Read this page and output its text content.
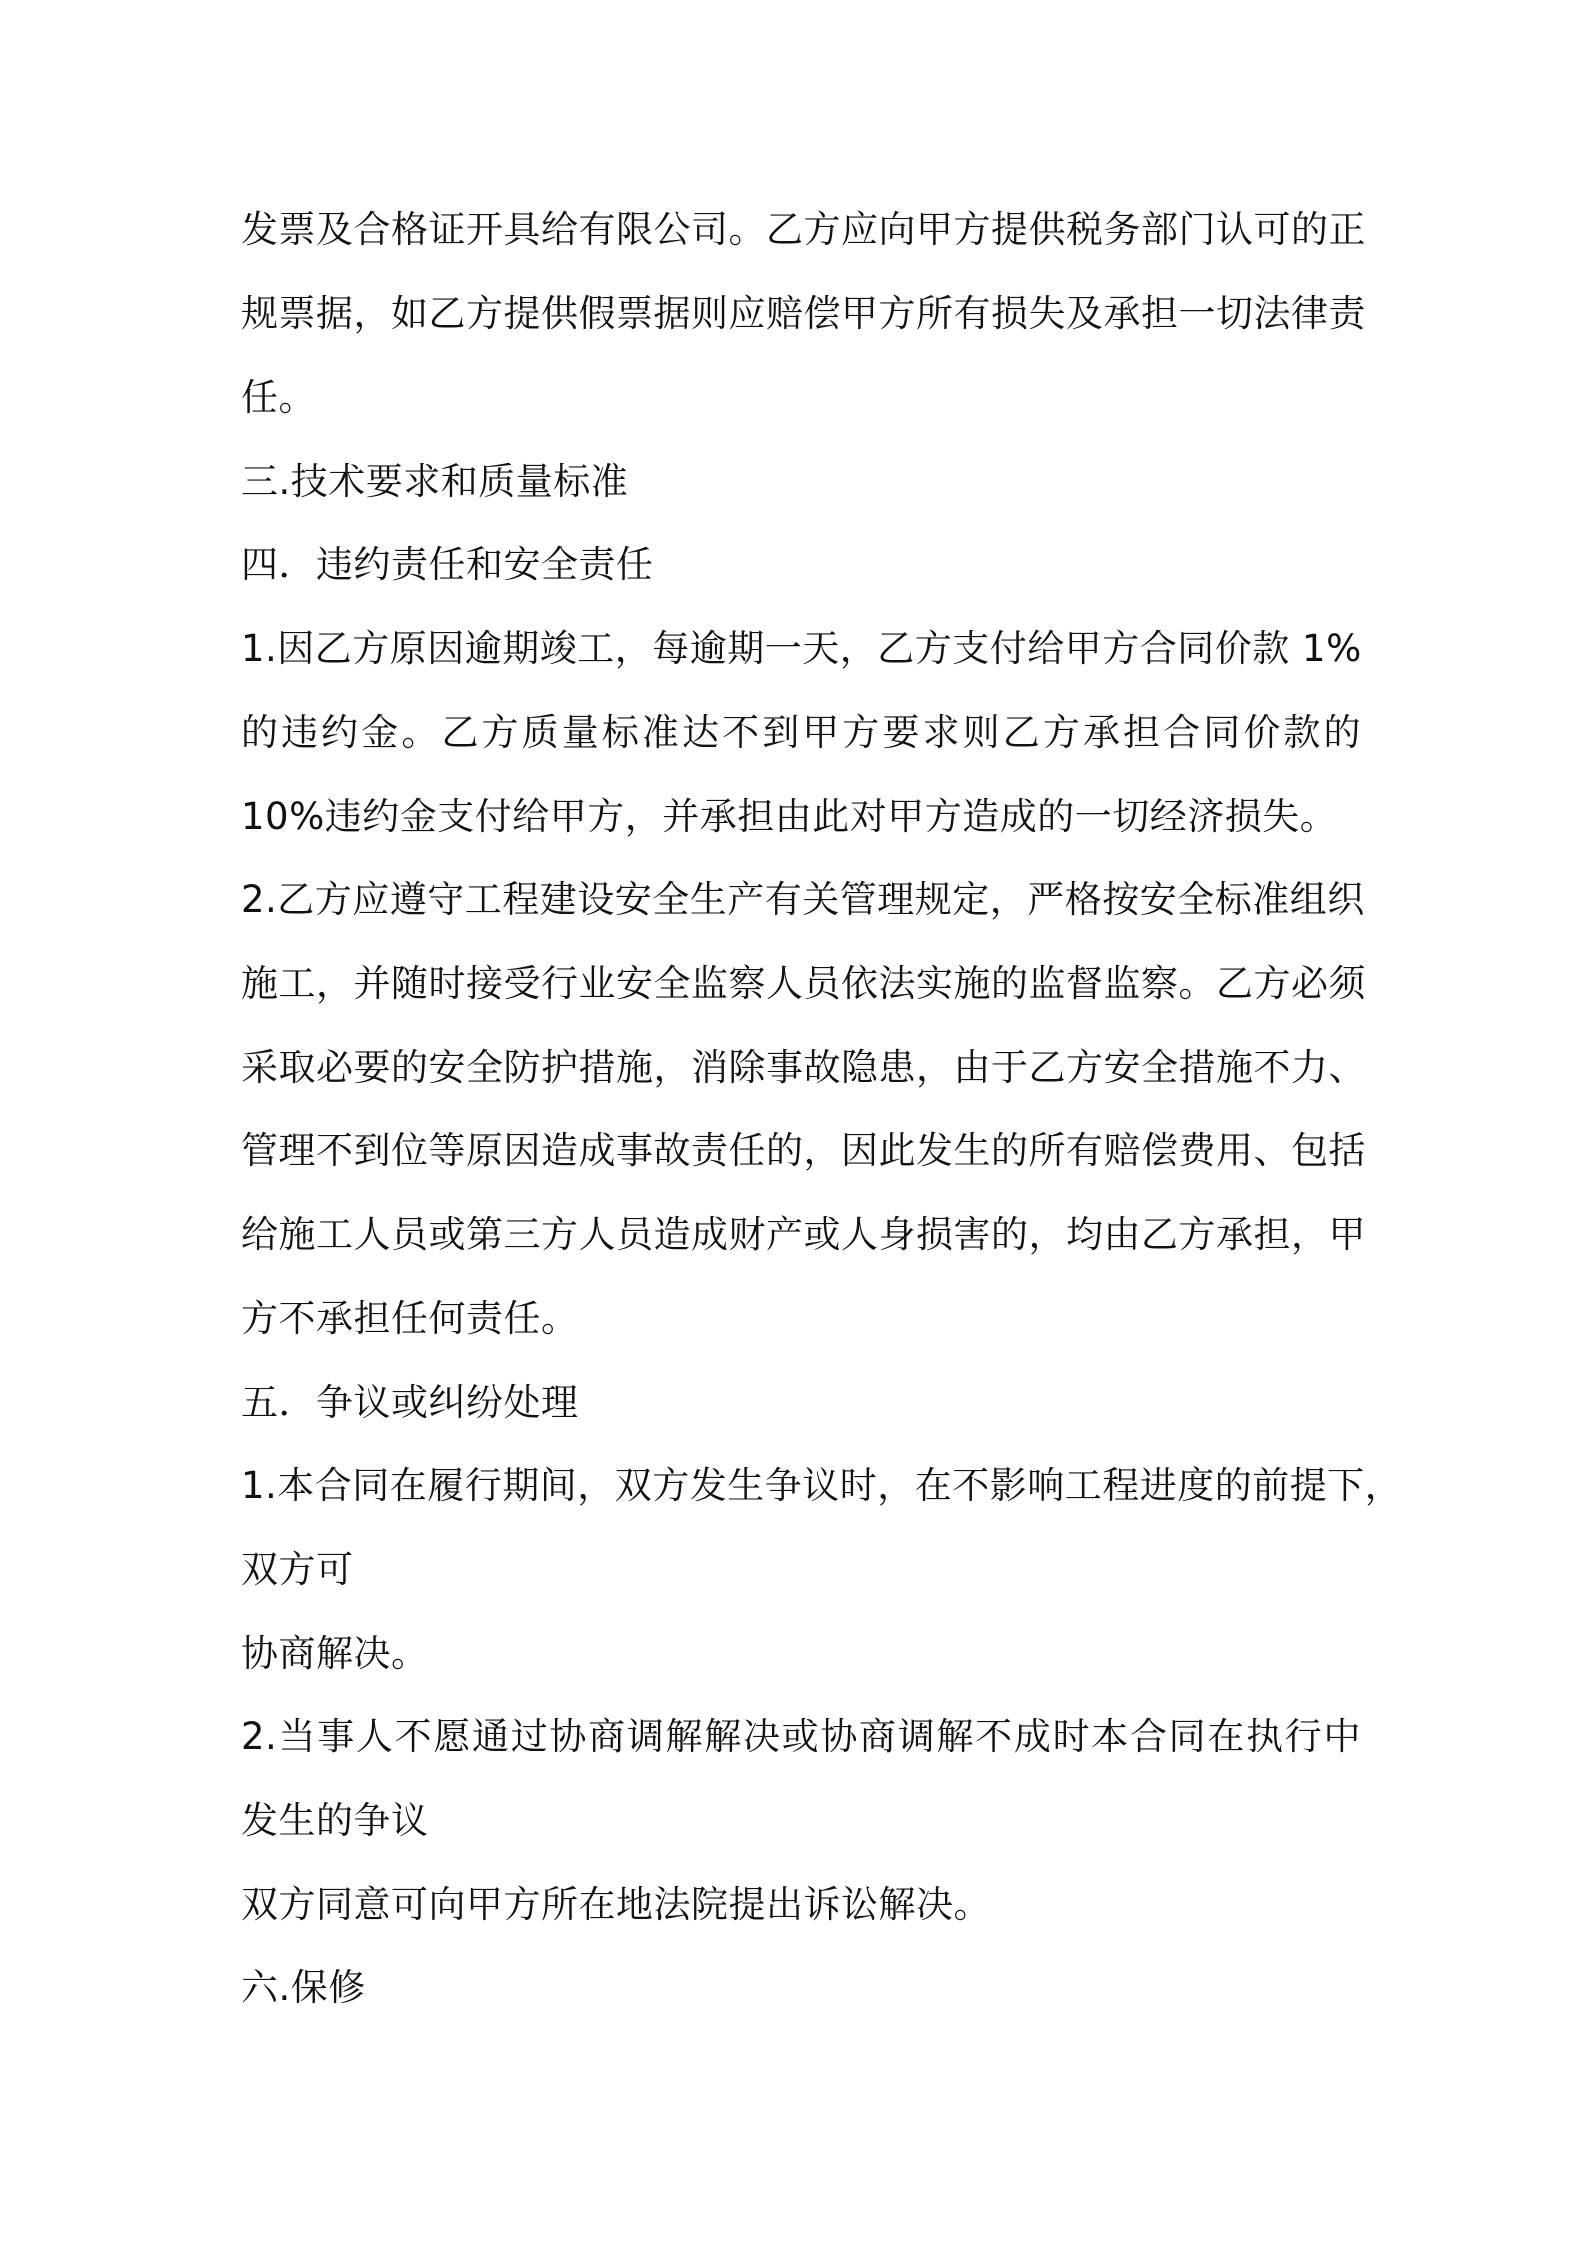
发票及合格证开具给有限公司。乙方应向甲方提供税务部门认可的正
规票据，如乙方提供假票据则应赔偿甲方所有损失及承担一切法律责
任。
三.技术要求和质量标准
四．违约责任和安全责任
1.因乙方原因逾期竣工，每逾期一天，乙方支付给甲方合同价款 1%
的违约金。乙方质量标准达不到甲方要求则乙方承担合同价款的
10%违约金支付给甲方，并承担由此对甲方造成的一切经济损失。
2.乙方应遵守工程建设安全生产有关管理规定，严格按安全标准组织
施工，并随时接受行业安全监察人员依法实施的监督监察。乙方必须
采取必要的安全防护措施，消除事故隐患，由于乙方安全措施不力、
管理不到位等原因造成事故责任的，因此发生的所有赔偿费用、包括
给施工人员或第三方人员造成财产或人身损害的，均由乙方承担，甲
方不承担任何责任。
五．争议或纠纷处理
1.本合同在履行期间，双方发生争议时，在不影响工程进度的前提下，
双方可
协商解决。
2.当事人不愿通过协商调解解决或协商调解不成时本合同在执行中
发生的争议
双方同意可向甲方所在地法院提出诉讼解决。
六.保修
